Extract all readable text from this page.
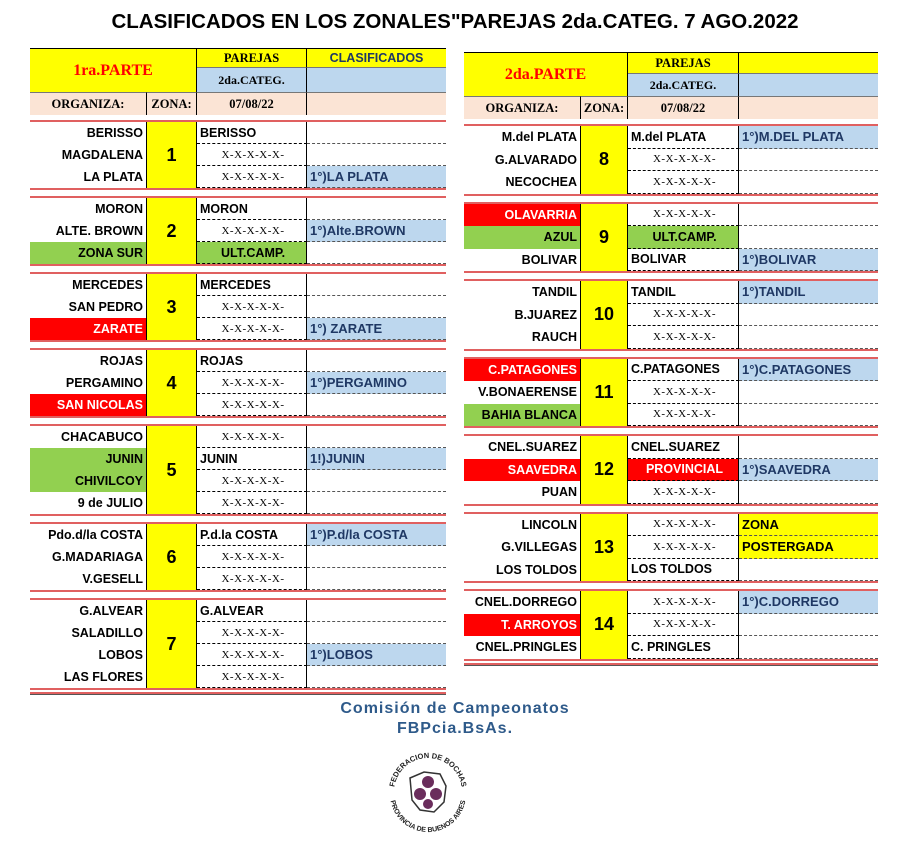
CLASIFICADOS EN LOS ZONALES"PAREJAS 2da.CATEG. 7 AGO.2022
1ra.PARTE
PAREJAS	CLASIFICADOS
2da.CATEG.
ORGANIZA:	ZONA:	07/08/22
1
BERISSO	BERISSO
MAGDALENA	X-X-X-X-X-
LA PLATA	X-X-X-X-X-	1°)LA PLATA
2
MORON	MORON
ALTE. BROWN	X-X-X-X-X-	1°)Alte.BROWN
ZONA SUR	ULT.CAMP.
3
MERCEDES	MERCEDES
SAN PEDRO	X-X-X-X-X-
ZARATE	X-X-X-X-X-	1°) ZARATE
4
ROJAS	ROJAS
PERGAMINO	X-X-X-X-X-	1°)PERGAMINO
SAN NICOLAS	X-X-X-X-X-
5
CHACABUCO	X-X-X-X-X-
JUNIN	JUNIN	1!)JUNIN
CHIVILCOY	X-X-X-X-X-
9 de JULIO	X-X-X-X-X-
6
Pdo.d/la COSTA	P.d.la COSTA	1°)P.d/la COSTA
G.MADARIAGA	X-X-X-X-X-
V.GESELL	X-X-X-X-X-
7
G.ALVEAR	G.ALVEAR
SALADILLO	X-X-X-X-X-
LOBOS	X-X-X-X-X-	1°)LOBOS
LAS FLORES	X-X-X-X-X-
2da.PARTE
PAREJAS
2da.CATEG.
ORGANIZA:	ZONA:	07/08/22
8
M.del PLATA	M.del PLATA	1°)M.DEL PLATA
G.ALVARADO	X-X-X-X-X-
NECOCHEA	X-X-X-X-X-
9
OLAVARRIA	X-X-X-X-X-
AZUL	ULT.CAMP.
BOLIVAR	BOLIVAR	1°)BOLIVAR
10
TANDIL	TANDIL	1°)TANDIL
B.JUAREZ	X-X-X-X-X-
RAUCH	X-X-X-X-X-
11
C.PATAGONES	C.PATAGONES	1°)C.PATAGONES
V.BONAERENSE	X-X-X-X-X-
BAHIA BLANCA	X-X-X-X-X-
12
CNEL.SUAREZ	CNEL.SUAREZ
SAAVEDRA	PROVINCIAL	1°)SAAVEDRA
PUAN	X-X-X-X-X-
13
LINCOLN	X-X-X-X-X-	ZONA
G.VILLEGAS	X-X-X-X-X-	POSTERGADA
LOS TOLDOS	LOS TOLDOS
14
CNEL.DORREGO	X-X-X-X-X-	1°)C.DORREGO
T. ARROYOS	X-X-X-X-X-
CNEL.PRINGLES	C. PRINGLES
Comisión de Campeonatos
FBPcia.BsAs.
FEDERACION DE BOCHAS
PROVINCIA DE BUENOS AIRES
